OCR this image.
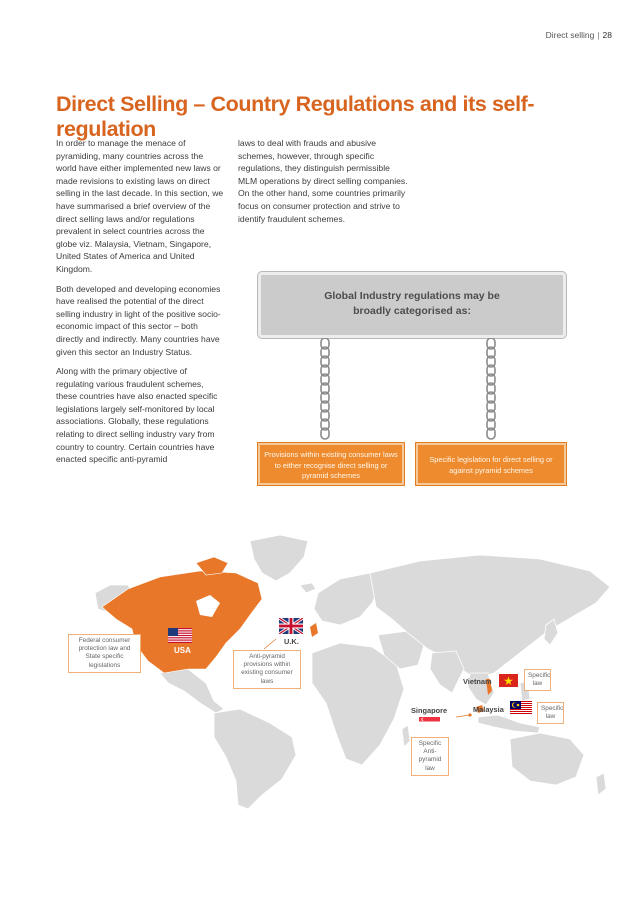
Direct selling | 28
Direct Selling – Country Regulations and its self-regulation

In order to manage the menace of pyramiding, many countries across the world have either implemented new laws or made revisions to existing laws on direct selling in the last decade. In this section, we have summarised a brief overview of the direct selling laws and/or regulations prevalent in select countries across the globe viz. Malaysia, Vietnam, Singapore, United States of America and United Kingdom.

Both developed and developing economies have realised the potential of the direct selling industry in light of the positive socio-economic impact of this sector – both directly and indirectly. Many countries have given this sector an Industry Status.

Along with the primary objective of regulating various fraudulent schemes, these countries have also enacted specific legislations largely self-monitored by local associations. Globally, these regulations relating to direct selling industry vary from country to country. Certain countries have enacted specific anti-pyramid

laws to deal with frauds and abusive schemes, however, through specific regulations, they distinguish permissible MLM operations by direct selling companies. On the other hand, some countries primarily focus on consumer protection and strive to identify fraudulent schemes.

Global Industry regulations may be broadly categorised as:
Provisions within existing consumer laws to either recognise direct selling or pyramid schemes
Specific legislation for direct selling or against pyramid schemes
USA
U.K.
Vietnam
Malaysia
Singapore
Federal consumer protection law and State specific legislations
Anti-pyramid provisions within existing consumer laws
Specific law
Specific law
Specific Anti-pyramid law
